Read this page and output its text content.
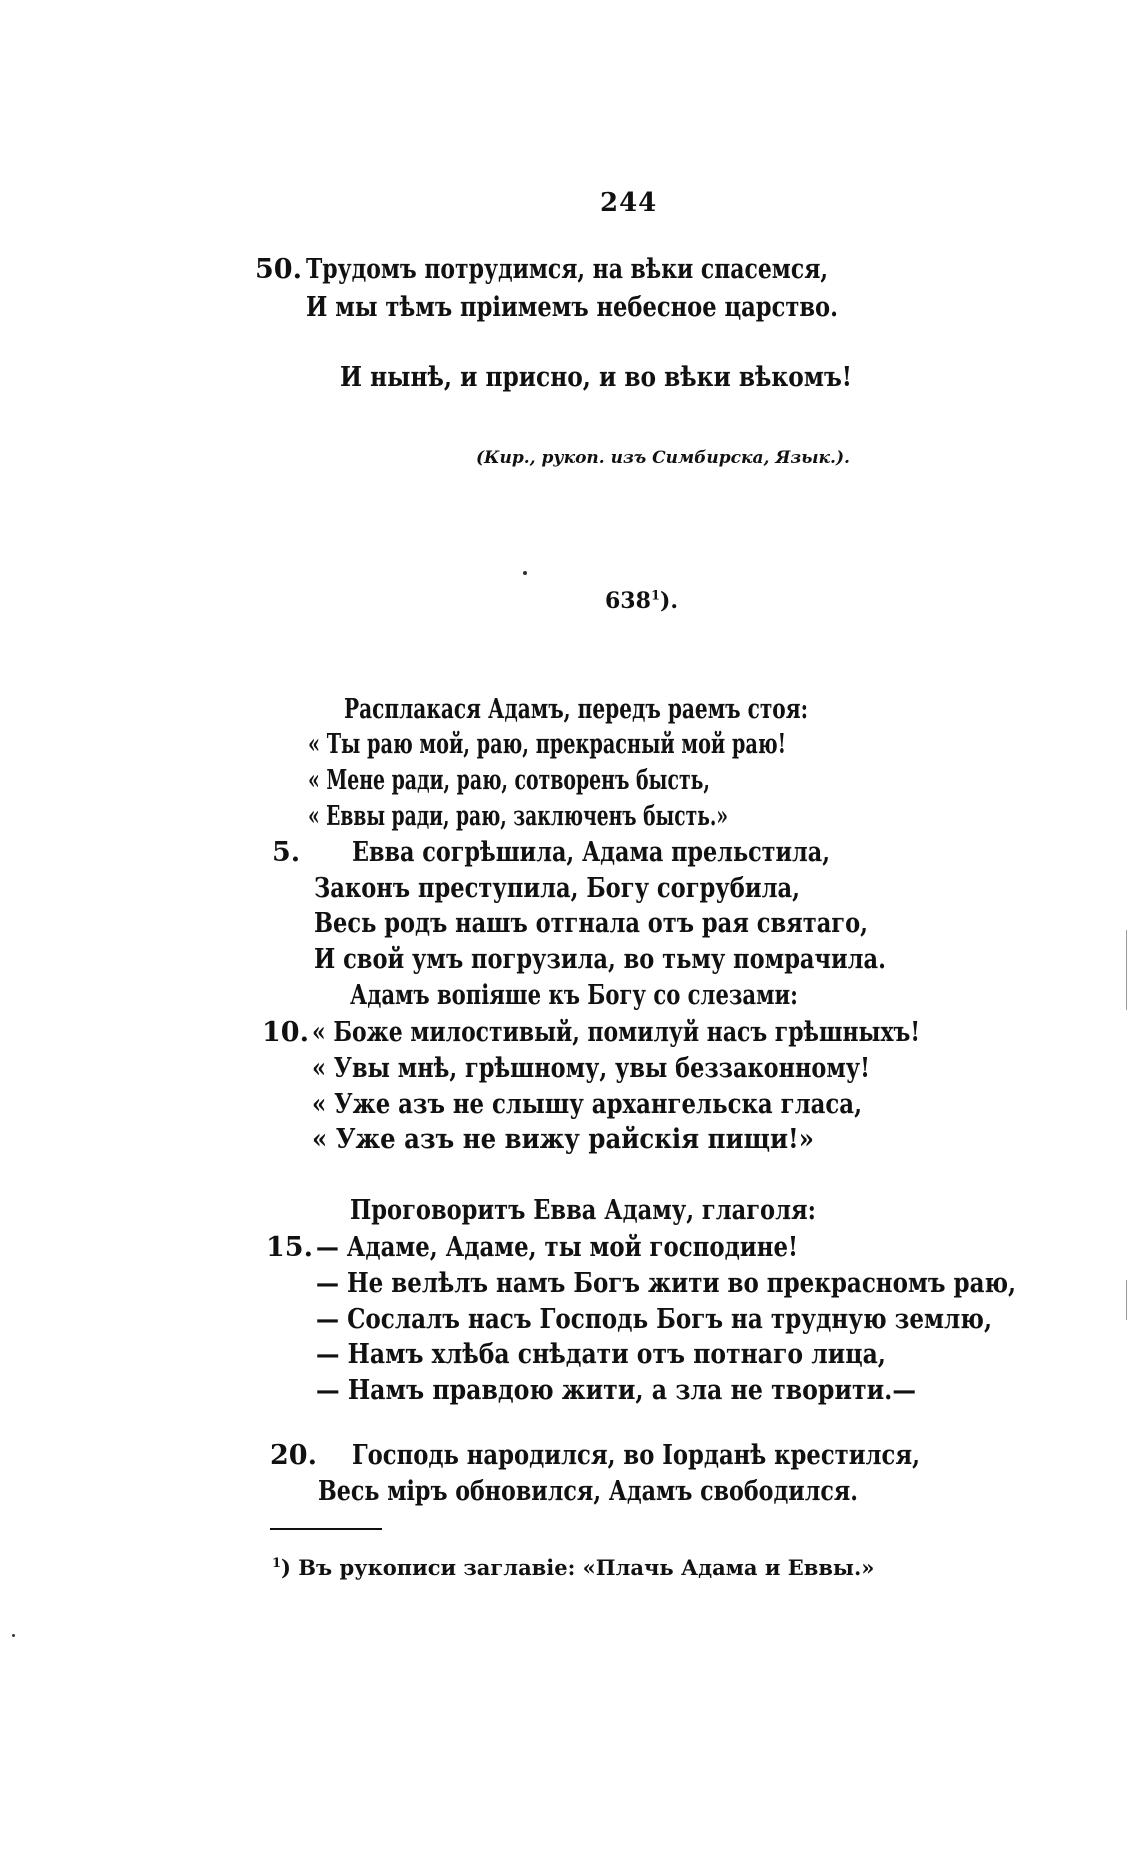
244
50. Трудомъ потрудимся, на вѣки спасемся,
И мы тѣмъ пріимемъ небесное царство.
И нынѣ, и присно, и во вѣки вѣкомъ!
(Кир., рукоп. изъ Симбирска, Язык.).
$638^1$).
Расплакася Адамъ, передъ раемъ стоя:
« Ты раю мой, раю, прекрасный мой раю!
« Мене ради, раю, сотворенъ бысть,
« Еввы ради, раю, заключенъ бысть.»
5. Евва согрѣшила, Адама прельстила,
Законъ преступила, Богу согрубила,
Весь родъ нашъ отгнала отъ рая святаго,
И свой умъ погрузила, во тьму помрачила.
Адамъ вопіяше къ Богу со слезами:
10. « Боже милостивый, помилуй насъ грѣшныхъ!
« Увы мнѣ, грѣшному, увы беззаконному!
« Уже азъ не слышу архангельска гласа,
« Уже азъ не вижу райскія пищи!»
Проговоритъ Евва Адаму, глаголя:
15. — Адаме, Адаме, ты мой господине!
— Не велѣлъ намъ Богъ жити во прекрасномъ раю,
— Сослалъ насъ Господь Богъ на трудную землю,
— Намъ хлѣба снѣдати отъ потнаго лица,
— Намъ правдою жити, а зла не творити.—
20. Господь народился, во Іорданѣ крестился,
Весь міръ обновился, Адамъ свободился.
$^1$) Въ рукописи заглавіе: «Плачь Адама и Еввы.»
